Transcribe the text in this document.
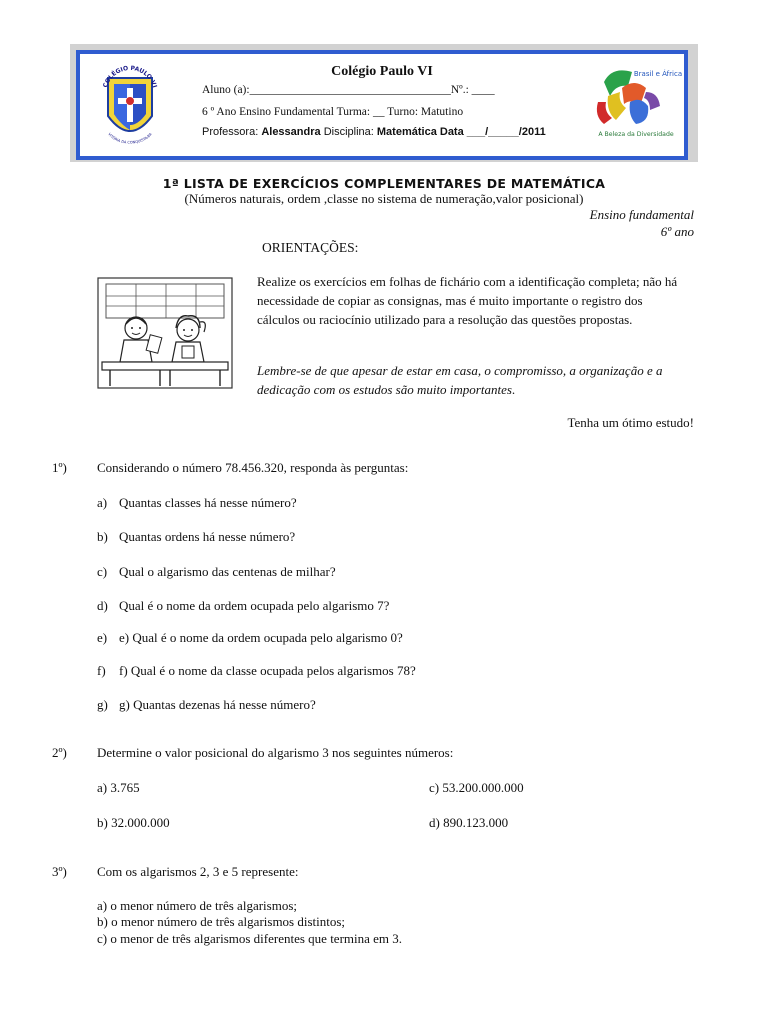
Colégio Paulo VI
Aluno (a):___________________________________Nº.: ____
6 º Ano Ensino Fundamental Turma: __ Turno: Matutino
Professora: Alessandra Disciplina: Matemática Data ___/_____/2011
COLÉGIO PAULO VI
VITÓRIA DA CONQUISTA-BA
Brasil e África
A Beleza da Diversidade
1ª LISTA DE EXERCÍCIOS COMPLEMENTARES DE MATEMÁTICA
(Números naturais, ordem ,classe no sistema de numeração,valor posicional)
Ensino fundamental
6º ano
ORIENTAÇÕES:
Realize os exercícios em folhas de fichário com a identificação completa; não há necessidade de copiar as consignas, mas é muito importante o registro dos cálculos ou raciocínio utilizado para a resolução das questões propostas.
Lembre-se de que apesar de estar em casa, o compromisso, a organização e a dedicação com os estudos são muito importantes.
Tenha um ótimo estudo!
1º) Considerando o número 78.456.320, responda às perguntas:
a) Quantas classes há nesse número?
b) Quantas ordens há nesse número?
c) Qual o algarismo das centenas de milhar?
d) Qual é o nome da ordem ocupada pelo algarismo 7?
e) e) Qual é o nome da ordem ocupada pelo algarismo 0?
f) f) Qual é o nome da classe ocupada pelos algarismos 78?
g) g) Quantas dezenas há nesse número?
2º) Determine o valor posicional do algarismo 3 nos seguintes números:
a) 3.765	c) 53.200.000.000
b) 32.000.000	d) 890.123.000
3º) Com os algarismos 2, 3 e 5 represente:
a) o menor número de três algarismos;
b) o menor número de três algarismos distintos;
c) o menor de três algarismos diferentes que termina em 3.
